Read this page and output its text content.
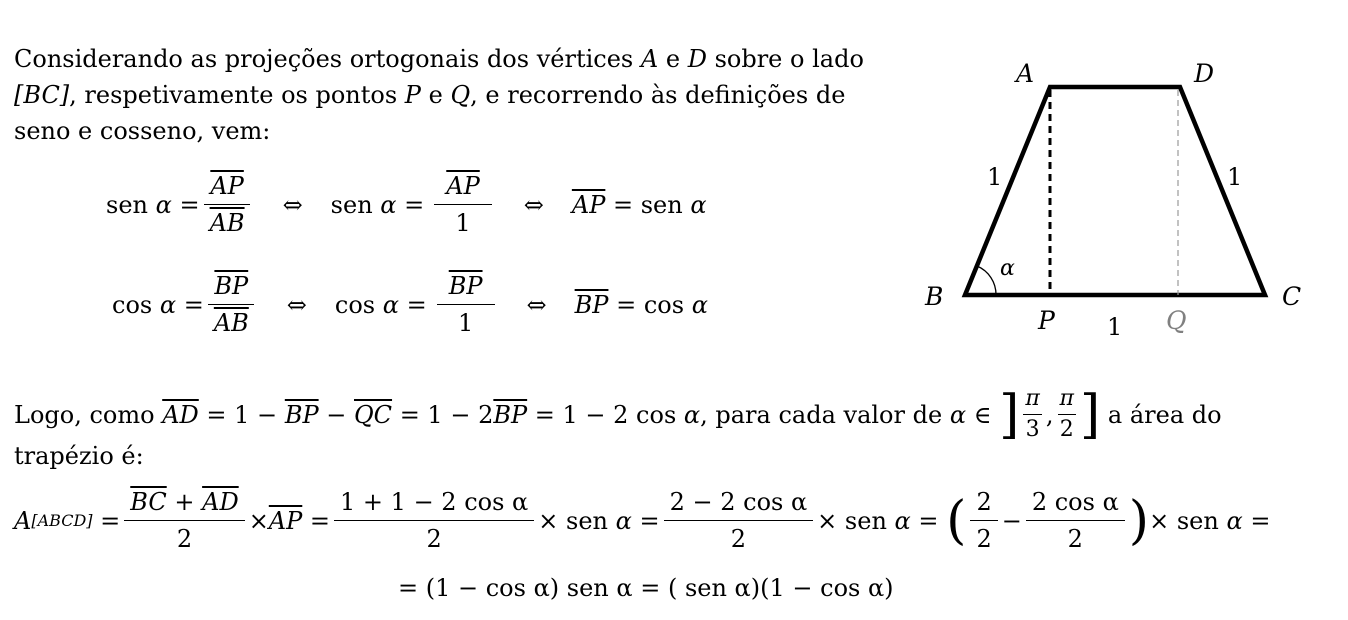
Considerando as projeções ortogonais dos vértices A e D sobre o lado
[BC], respetivamente os pontos P e Q, e recorrendo às definições de
seno e cosseno, vem:
sen
α
= $\frac{\overline{AP}}{AB}$ ⇔ sen
α
= $\frac{\overline{AP}}{1}$ ⇔ $\overline{AP}$
=
sen
α
cos
α
= $\frac{\overline{BP}}{AB}$ ⇔ cos
α
= $\frac{\overline{BP}}{1}$ ⇔ $\overline{BP}$
=
cos
α
Logo, como
$\overline{AD}$
= 1 −
$\overline{BP}$
−
$\overline{QC}$
= 1 − 2 $\overline{BP}$
= 1 − 2 cos
α , para cada valor de
α
∈
] $\frac{\pi}{3}$ , $\frac{\pi}{2}$ ]
a área do
trapézio é:
A [ABCD]
= $\frac{\overline{BC} + \overline{AD}}{2} \times \overline{AP}$
= $\frac{\text{1 + 1 − 2 cos α}}{2}$ ×
sen
α
= $\frac{\text{2 − 2 cos α}}{2}$ ×
sen
α
=
( $\frac{2}{2} - \frac{\text{2 cos α}}{2}$ ) ×
sen
α
=
= (1 − cos α) sen α = ( sen α)(1 − cos α)
A	D
B	C
P	Q
1	1
1
α
